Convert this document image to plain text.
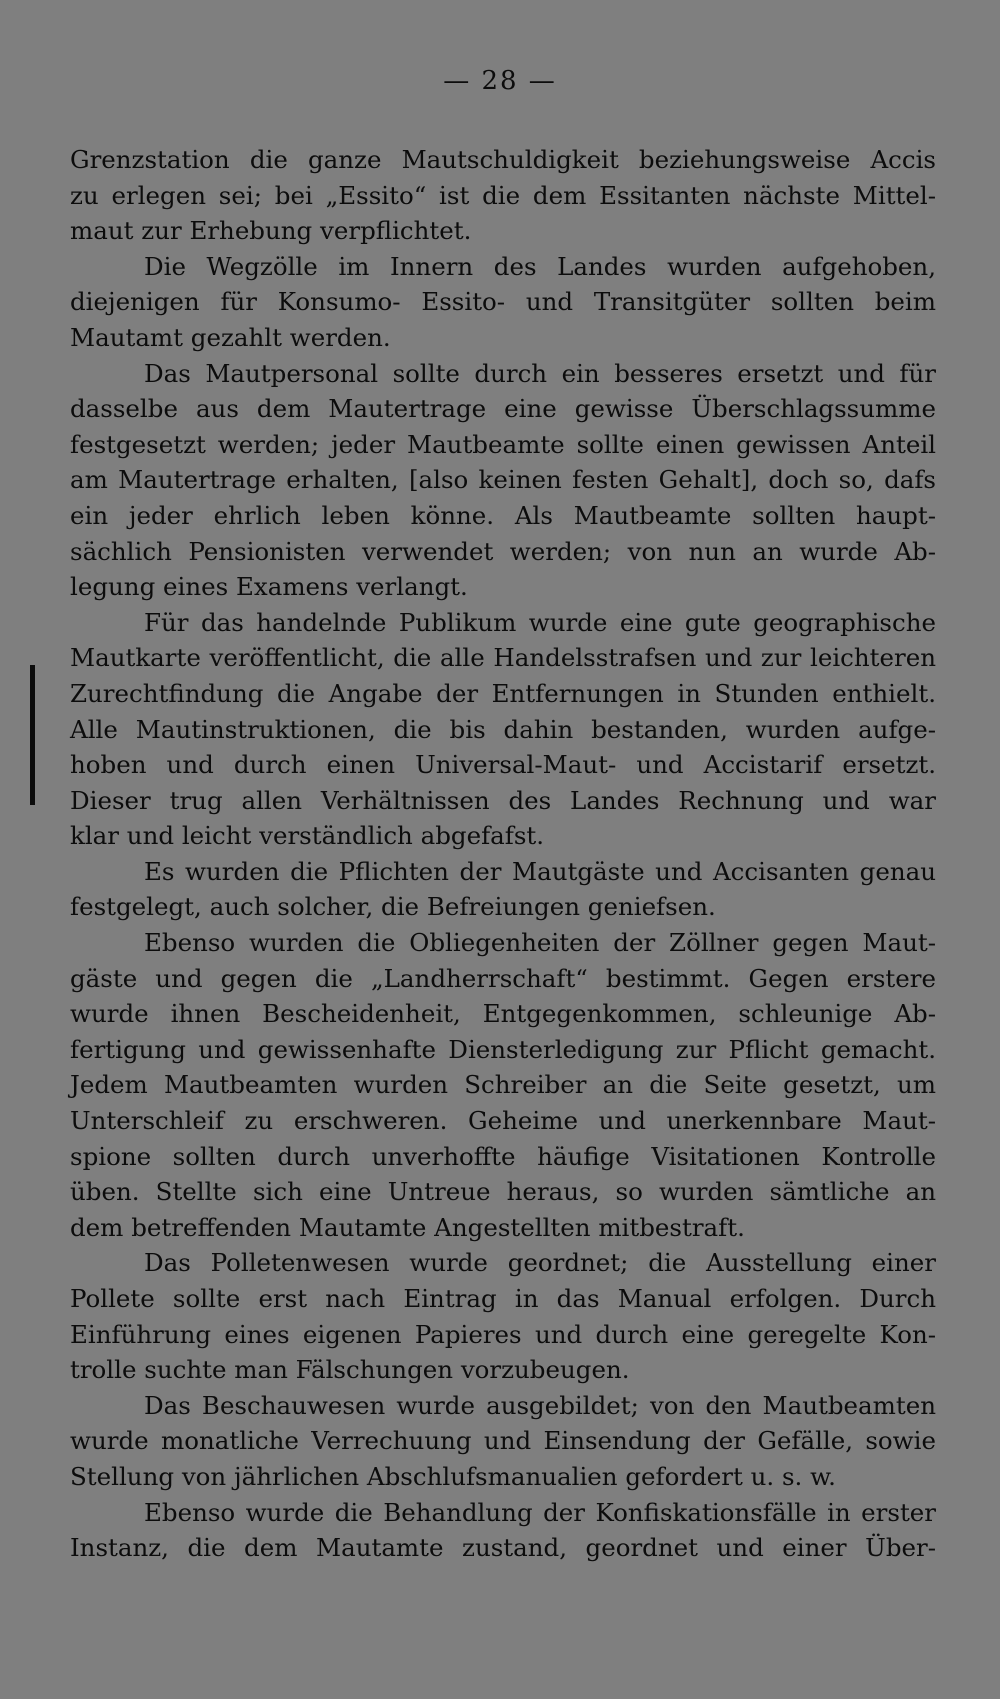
— 28 —
Grenzstation die ganze Mautschuldigkeit beziehungsweise Accis
zu erlegen sei; bei „Essito“ ist die dem Essitanten nächste Mittel-
maut zur Erhebung verpflichtet.
Die Wegzölle im Innern des Landes wurden aufgehoben,
diejenigen für Konsumo- Essito- und Transitgüter sollten beim
Mautamt gezahlt werden.
Das Mautpersonal sollte durch ein besseres ersetzt und für
dasselbe aus dem Mautertrage eine gewisse Überschlagssumme
festgesetzt werden; jeder Mautbeamte sollte einen gewissen Anteil
am Mautertrage erhalten, [also keinen festen Gehalt], doch so, dafs
ein jeder ehrlich leben könne. Als Mautbeamte sollten haupt-
sächlich Pensionisten verwendet werden; von nun an wurde Ab-
legung eines Examens verlangt.
Für das handelnde Publikum wurde eine gute geographische
Mautkarte veröffentlicht, die alle Handelsstrafsen und zur leichteren
Zurechtfindung die Angabe der Entfernungen in Stunden enthielt.
Alle Mautinstruktionen, die bis dahin bestanden, wurden aufge-
hoben und durch einen Universal-Maut- und Accistarif ersetzt.
Dieser trug allen Verhältnissen des Landes Rechnung und war
klar und leicht verständlich abgefafst.
Es wurden die Pflichten der Mautgäste und Accisanten genau
festgelegt, auch solcher, die Befreiungen geniefsen.
Ebenso wurden die Obliegenheiten der Zöllner gegen Maut-
gäste und gegen die „Landherrschaft“ bestimmt. Gegen erstere
wurde ihnen Bescheidenheit, Entgegenkommen, schleunige Ab-
fertigung und gewissenhafte Diensterledigung zur Pflicht gemacht.
Jedem Mautbeamten wurden Schreiber an die Seite gesetzt, um
Unterschleif zu erschweren. Geheime und unerkennbare Maut-
spione sollten durch unverhoffte häufige Visitationen Kontrolle
üben. Stellte sich eine Untreue heraus, so wurden sämtliche an
dem betreffenden Mautamte Angestellten mitbestraft.
Das Polletenwesen wurde geordnet; die Ausstellung einer
Pollete sollte erst nach Eintrag in das Manual erfolgen. Durch
Einführung eines eigenen Papieres und durch eine geregelte Kon-
trolle suchte man Fälschungen vorzubeugen.
Das Beschauwesen wurde ausgebildet; von den Mautbeamten
wurde monatliche Verrechuung und Einsendung der Gefälle, sowie
Stellung von jährlichen Abschlufsmanualien gefordert u. s. w.
Ebenso wurde die Behandlung der Konfiskationsfälle in erster
Instanz, die dem Mautamte zustand, geordnet und einer Über-
